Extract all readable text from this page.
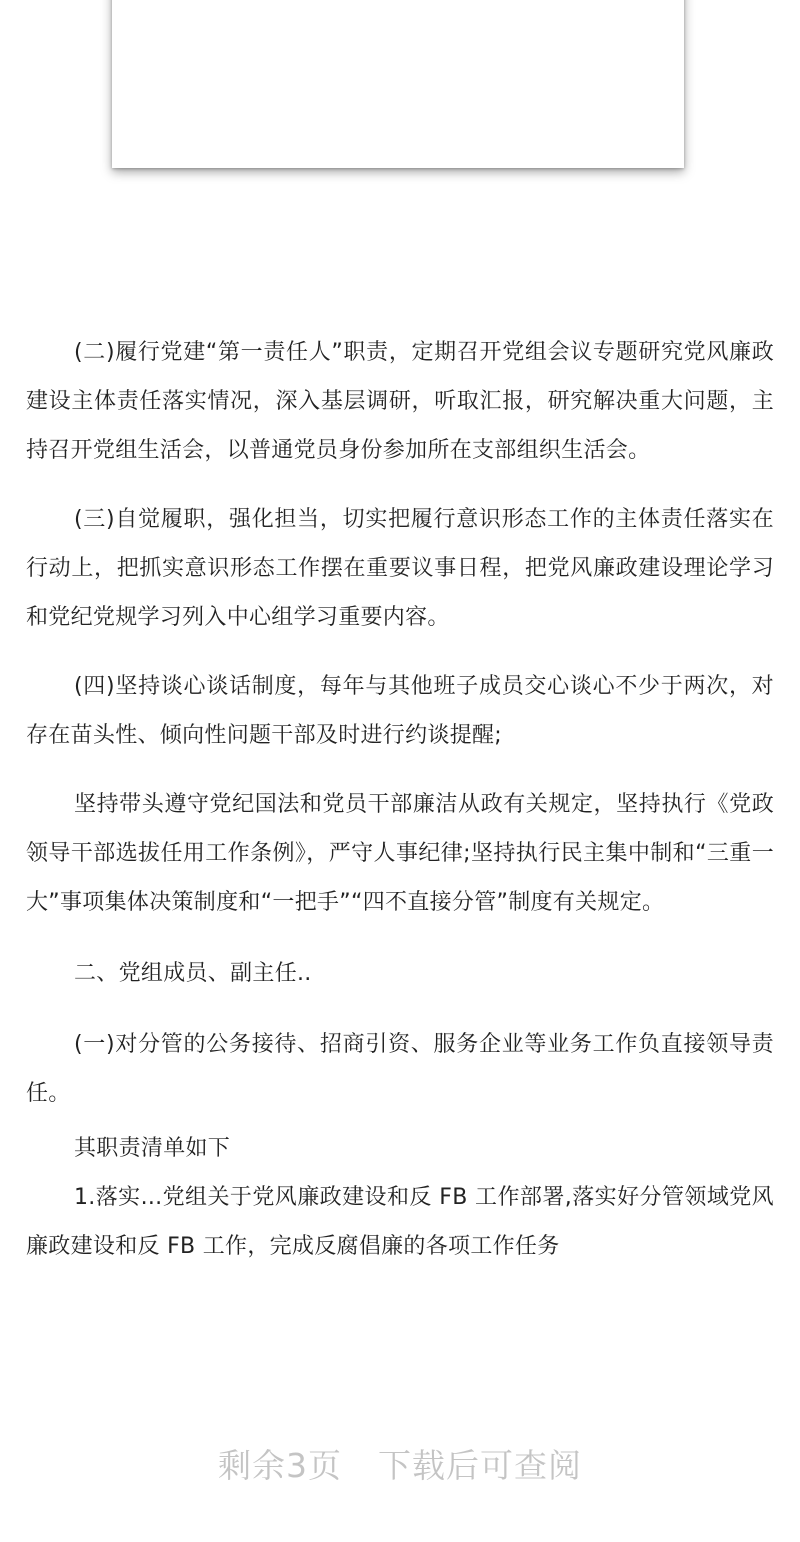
(二)履行党建“第一责任人”职责，定期召开党组会议专题研究党风廉政建设主体责任落实情况，深入基层调研，听取汇报，研究解决重大问题，主持召开党组生活会，以普通党员身份参加所在支部组织生活会。

(三)自觉履职，强化担当，切实把履行意识形态工作的主体责任落实在行动上，把抓实意识形态工作摆在重要议事日程，把党风廉政建设理论学习和党纪党规学习列入中心组学习重要内容。

(四)坚持谈心谈话制度，每年与其他班子成员交心谈心不少于两次，对存在苗头性、倾向性问题干部及时进行约谈提醒;

坚持带头遵守党纪国法和党员干部廉洁从政有关规定，坚持执行《党政领导干部选拔任用工作条例》，严守人事纪律;坚持执行民主集中制和“三重一大”事项集体决策制度和“一把手”“四不直接分管”制度有关规定。

二、党组成员、副主任..

(一)对分管的公务接待、招商引资、服务企业等业务工作负直接领导责任。

其职责清单如下

1.落实...党组关于党风廉政建设和反 FB 工作部署,落实好分管领域党风廉政建设和反 FB 工作，完成反腐倡廉的各项工作任务

剩余3页 下载后可查阅
